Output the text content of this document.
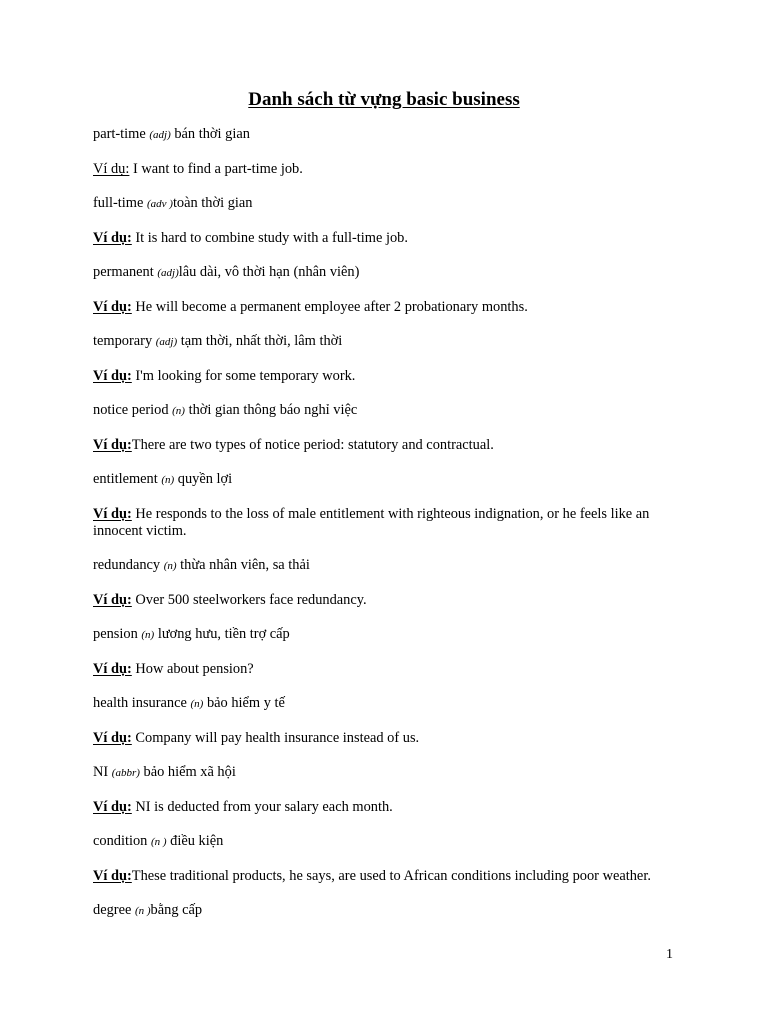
Danh sách từ vựng basic business
part-time (adj) bán thời gian
Ví dụ: I want to find a part-time job.
full-time (adv )toàn thời gian
Ví dụ: It is hard to combine study with a full-time job.
permanent (adj)lâu dài, vô thời hạn (nhân viên)
Ví dụ: He will become a permanent employee after 2 probationary months.
temporary (adj) tạm thời, nhất thời, lâm thời
Ví dụ: I'm looking for some temporary work.
notice period (n) thời gian thông báo nghỉ việc
Ví dụ:There are two types of notice period: statutory and contractual.
entitlement (n) quyền lợi
Ví dụ: He responds to the loss of male entitlement with righteous indignation, or he feels like an innocent victim.
redundancy (n) thừa nhân viên, sa thải
Ví dụ: Over 500 steelworkers face redundancy.
pension (n) lương hưu, tiền trợ cấp
Ví dụ: How about pension?
health insurance (n) bảo hiểm y tế
Ví dụ: Company will pay health insurance instead of us.
NI (abbr) bảo hiểm xã hội
Ví dụ: NI is deducted from your salary each month.
condition (n ) điều kiện
Ví dụ:These traditional products, he says, are used to African conditions including poor weather.
degree (n )bằng cấp
1
